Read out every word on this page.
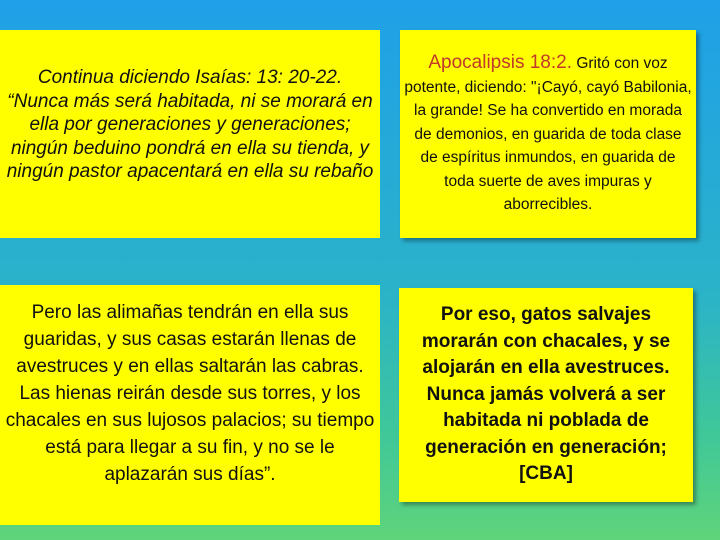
Continua diciendo Isaías: 13: 20-22. “Nunca más será habitada, ni se morará en ella por generaciones y generaciones; ningún beduino pondrá en ella su tienda, y ningún pastor apacentará en ella su rebaño

Apocalipsis 18:2. Gritó con voz potente, diciendo: "¡Cayó, cayó Babilonia, la grande! Se ha convertido en morada de demonios, en guarida de toda clase de espíritus inmundos, en guarida de toda suerte de aves impuras y aborrecibles.

Pero las alimañas tendrán en ella sus guaridas, y sus casas estarán llenas de avestruces y en ellas saltarán las cabras. Las hienas reirán desde sus torres, y los chacales en sus lujosos palacios; su tiempo está para llegar a su fin, y no se le aplazarán sus días”.

Por eso, gatos salvajes morarán con chacales, y se alojarán en ella avestruces. Nunca jamás volverá a ser habitada ni poblada de generación en generación; [CBA]
